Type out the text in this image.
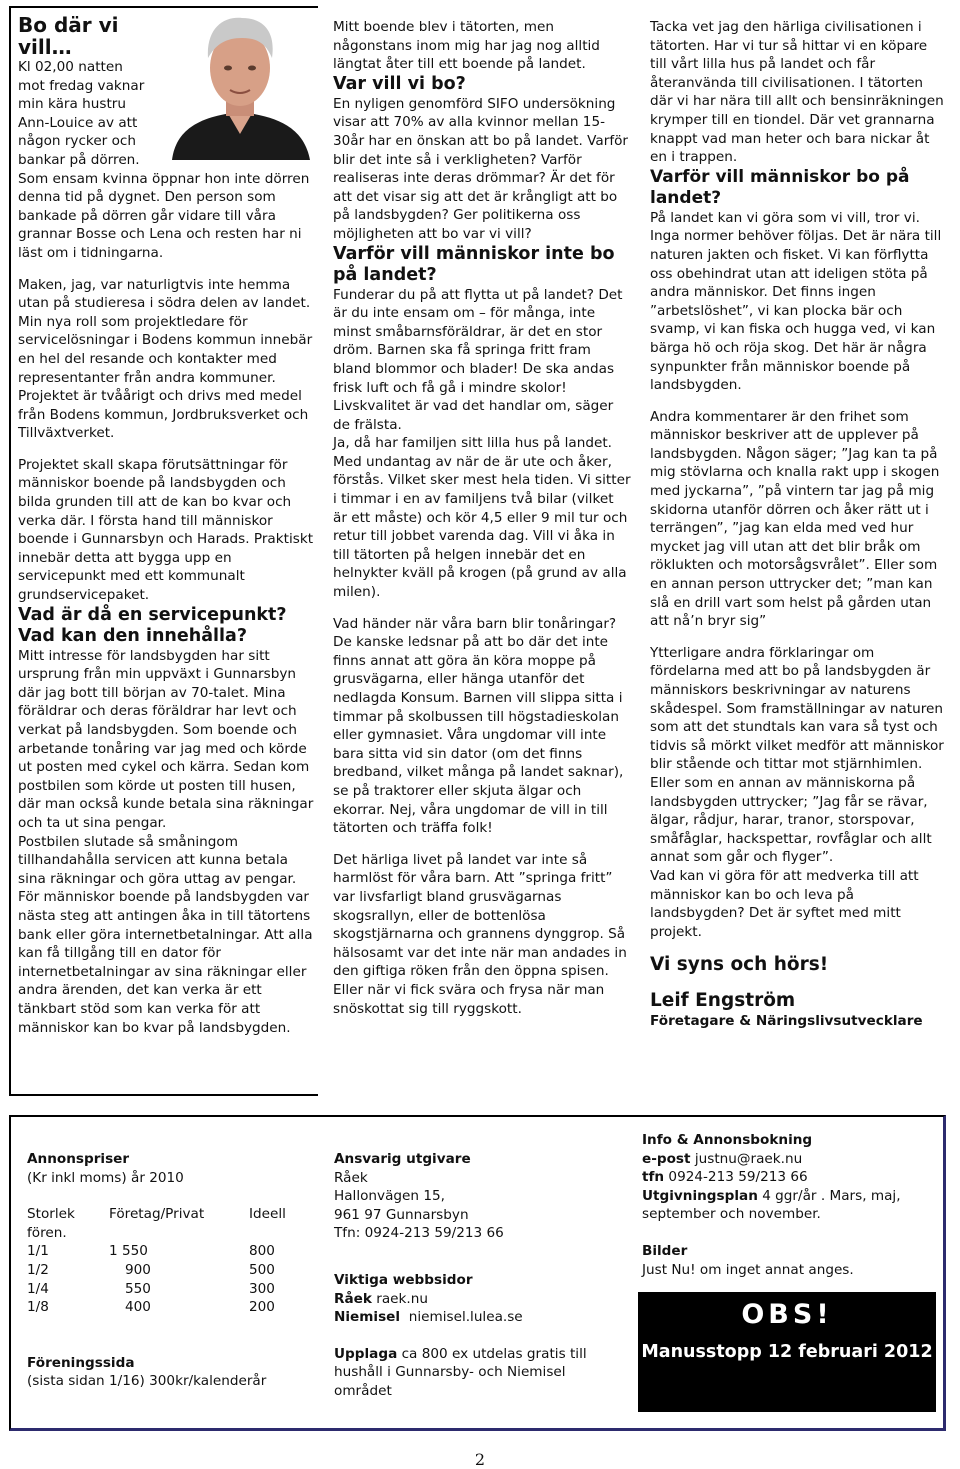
Bo där vi vill…
Kl 02,00 natten
mot fredag vaknar
min kära hustru
Ann-Louice av att
någon rycker och
bankar på dörren.

Som ensam kvinna öppnar hon inte dörren denna tid på dygnet. Den person som bankade på dörren går vidare till våra grannar Bosse och Lena och resten har ni läst om i tidningarna.

Maken, jag, var naturligtvis inte hemma utan på studieresa i södra delen av landet. Min nya roll som projektledare för servicelösningar i Bodens kommun innebär en hel del resande och kontakter med representanter från andra kommuner. Projektet är tvåårigt och drivs med medel från Bodens kommun, Jordbruksverket och Tillväxtverket.

Projektet skall skapa förutsättningar för människor boende på landsbygden och bilda grunden till att de kan bo kvar och verka där. I första hand till människor boende i Gunnarsbyn och Harads. Praktiskt innebär detta att bygga upp en servicepunkt med ett kommunalt grundservicepaket.

Vad är då en servicepunkt? Vad kan den innehålla?

Mitt intresse för landsbygden har sitt ursprung från min uppväxt i Gunnarsbyn där jag bott till början av 70-talet. Mina föräldrar och deras föräldrar har levt och verkat på landsbygden. Som boende och arbetande tonåring var jag med och körde ut posten med cykel och kärra. Sedan kom postbilen som körde ut posten till husen, där man också kunde betala sina räkningar och ta ut sina pengar.

Postbilen slutade så småningom tillhandahålla servicen att kunna betala sina räkningar och göra uttag av pengar. För människor boende på landsbygden var nästa steg att antingen åka in till tätortens bank eller göra internetbetalningar. Att alla kan få tillgång till en dator för internetbetalningar av sina räkningar eller andra ärenden, det kan verka är ett tänkbart stöd som kan verka för att människor kan bo kvar på landsbygden.

Mitt boende blev i tätorten, men någonstans inom mig har jag nog alltid längtat åter till ett boende på landet.

Var vill vi bo?

En nyligen genomförd SIFO undersökning visar att 70% av alla kvinnor mellan 15-30år har en önskan att bo på landet. Varför blir det inte så i verkligheten? Varför realiseras inte deras drömmar? Är det för att det visar sig att det är krångligt att bo på landsbygden? Ger politikerna oss möjligheten att bo var vi vill?

Varför vill människor inte bo på landet?

Funderar du på att flytta ut på landet? Det är du inte ensam om – för många, inte minst småbarnsföräldrar, är det en stor dröm. Barnen ska få springa fritt fram bland blommor och blader! De ska andas frisk luft och få gå i mindre skolor! Livskvalitet är vad det handlar om, säger de frälsta.

Ja, då har familjen sitt lilla hus på landet. Med undantag av när de är ute och åker, förstås. Vilket sker mest hela tiden. Vi sitter i timmar i en av familjens två bilar (vilket är ett måste) och kör 4,5 eller 9 mil tur och retur till jobbet varenda dag. Vill vi åka in till tätorten på helgen innebär det en helnykter kväll på krogen (på grund av alla milen).

Vad händer när våra barn blir tonåringar? De kanske ledsnar på att bo där det inte finns annat att göra än köra moppe på grusvägarna, eller hänga utanför det nedlagda Konsum. Barnen vill slippa sitta i timmar på skolbussen till högstadieskolan eller gymnasiet. Våra ungdomar vill inte bara sitta vid sin dator (om det finns bredband, vilket många på landet saknar), se på traktorer eller skjuta älgar och ekorrar. Nej, våra ungdomar de vill in till tätorten och träffa folk!

Det härliga livet på landet var inte så harmlöst för våra barn. Att ”springa fritt” var livsfarligt bland grusvägarnas skogsrallyn, eller de bottenlösa skogstjärnarna och grannens dynggrop. Så hälsosamt var det inte när man andades in den giftiga röken från den öppna spisen. Eller när vi fick svära och frysa när man snöskottat sig till ryggskott.

Tacka vet jag den härliga civilisationen i tätorten. Har vi tur så hittar vi en köpare till vårt lilla hus på landet och får återanvända till civilisationen. I tätorten där vi har nära till allt och bensinräkningen krymper till en tiondel. Där vet grannarna knappt vad man heter och bara nickar åt en i trappen.

Varför vill människor bo på landet?

På landet kan vi göra som vi vill, tror vi. Inga normer behöver följas. Det är nära till naturen jakten och fisket. Vi kan förflytta oss obehindrat utan att ideligen stöta på andra människor. Det finns ingen ”arbetslöshet”, vi kan plocka bär och svamp, vi kan fiska och hugga ved, vi kan bärga hö och röja skog. Det här är några synpunkter från människor boende på landsbygden.

Andra kommentarer är den frihet som människor beskriver att de upplever på landsbygden. Någon säger; ”Jag kan ta på mig stövlarna och knalla rakt upp i skogen med jyckarna”, ”på vintern tar jag på mig skidorna utanför dörren och åker rätt ut i terrängen”, ”jag kan elda med ved hur mycket jag vill utan att det blir bråk om röklukten och motorsågsvrålet”. Eller som en annan person uttrycker det; ”man kan slå en drill vart som helst på gården utan att nå’n bryr sig”

Ytterligare andra förklaringar om fördelarna med att bo på landsbygden är människors beskrivningar av naturens skådespel. Som framställningar av naturen som att det stundtals kan vara så tyst och tidvis så mörkt vilket medför att människor blir stående och tittar mot stjärnhimlen. Eller som en annan av människorna på landsbygden uttrycker; ”Jag får se rävar, älgar, rådjur, harar, tranor, storspovar, småfåglar, hackspettar, rovfåglar och allt annat som går och flyger”.

Vad kan vi göra för att medverka till att människor kan bo och leva på landsbygden? Det är syftet med mitt projekt.

Vi syns och hörs!

Leif Engström

Företagare & Näringslivsutvecklare

Annonspriser
(Kr inkl moms) år 2010
Storlek	Företag/Privat	Ideell
fören.		
1/1	1 550	800
1/2	900	500
1/4	550	300
1/8	400	200
Föreningssida
(sista sidan 1/16) 300kr/kalenderår
Ansvarig utgivare
Råek
Hallonvägen 15,
961 97 Gunnarsbyn
Tfn: 0924-213 59/213 66
Viktiga webbsidor
Råek raek.nu
Niemisel niemisel.lulea.se
Upplaga ca 800 ex utdelas gratis till hushåll i Gunnarsby- och Niemisel området
Info & Annonsbokning
e-post justnu@raek.nu
tfn 0924-213 59/213 66
Utgivningsplan 4 ggr/år . Mars, maj, september och november.
Bilder
Just Nu! om inget annat anges.
OBS!
Manusstopp 12 februari 2012
2
